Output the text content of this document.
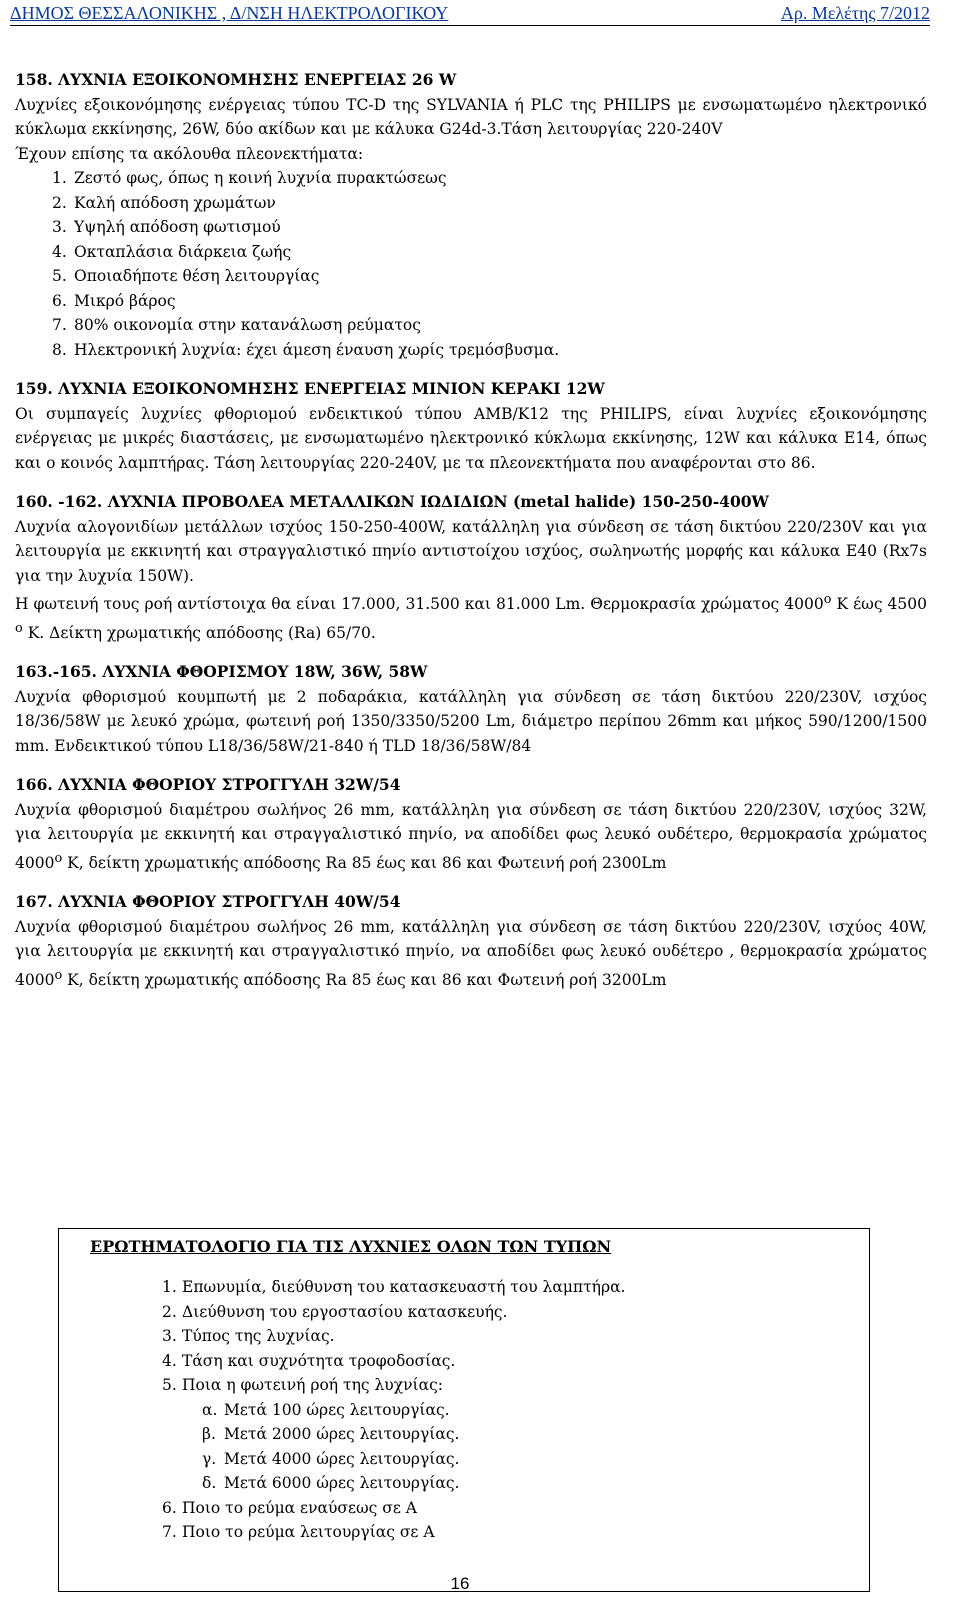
ΔΗΜΟΣ ΘΕΣΣΑΛΟΝΙΚΗΣ , Δ/ΝΣΗ ΗΛΕΚΤΡΟΛΟΓΙΚΟΥ	Αρ. Μελέτης 7/2012
158. ΛΥΧΝΙΑ ΕΞΟΙΚΟΝΟΜΗΣΗΣ ΕΝΕΡΓΕΙΑΣ 26 W

Λυχνίες εξοικονόμησης ενέργειας τύπου TC-D της SYLVANIA ή PLC της PHILIPS με ενσωματωμένο ηλεκτρονικό κύκλωμα εκκίνησης, 26W, δύο ακίδων και με κάλυκα G24d-3.Τάση λειτουργίας 220-240V

Έχουν επίσης τα ακόλουθα πλεονεκτήματα:

1. Ζεστό φως, όπως η κοινή λυχνία πυρακτώσεως
2. Καλή απόδοση χρωμάτων
3. Υψηλή απόδοση φωτισμού
4. Οκταπλάσια διάρκεια ζωής
5. Οποιαδήποτε θέση λειτουργίας
6. Μικρό βάρος
7. 80% οικονομία στην κατανάλωση ρεύματος
8. Ηλεκτρονική λυχνία: έχει άμεση έναυση χωρίς τρεμόσβυσμα.
159. ΛΥΧΝΙΑ ΕΞΟΙΚΟΝΟΜΗΣΗΣ ΕΝΕΡΓΕΙΑΣ ΜΙΝΙΟΝ ΚΕΡΑΚΙ 12W

Οι συμπαγείς λυχνίες φθοριομού ενδεικτικού τύπου AMB/K12 της PHILIPS, είναι λυχνίες εξοικονόμησης ενέργειας με μικρές διαστάσεις, με ενσωματωμένο ηλεκτρονικό κύκλωμα εκκίνησης, 12W και κάλυκα E14, όπως και ο κοινός λαμπτήρας. Τάση λειτουργίας 220-240V, με τα πλεονεκτήματα που αναφέρονται στο 86.

160. -162. ΛΥΧΝΙΑ ΠΡΟΒΟΛΕΑ ΜΕΤΑΛΛΙΚΩΝ ΙΩΔΙΔΙΩΝ (metal halide) 150-250-400W

Λυχνία αλογονιδίων μετάλλων ισχύος 150-250-400W, κατάλληλη για σύνδεση σε τάση δικτύου 220/230V και για λειτουργία με εκκινητή και στραγγαλιστικό πηνίο αντιστοίχου ισχύος, σωληνωτής μορφής και κάλυκα E40 (Rx7s για την λυχνία 150W).

Η φωτεινή τους ροή αντίστοιχα θα είναι 17.000, 31.500 και 81.000 Lm. Θερμοκρασία χρώματος $4000^o$ K έως 4500 $^o$ K. Δείκτη χρωματικής απόδοσης (Ra) 65/70.

163.-165. ΛΥΧΝΙΑ ΦΘΟΡΙΣΜΟΥ 18W, 36W, 58W

Λυχνία φθορισμού κουμπωτή με 2 ποδαράκια, κατάλληλη για σύνδεση σε τάση δικτύου 220/230V, ισχύος 18/36/58W με λευκό χρώμα, φωτεινή ροή 1350/3350/5200 Lm, διάμετρο περίπου 26mm και μήκος 590/1200/1500 mm. Ενδεικτικού τύπου L18/36/58W/21-840 ή TLD 18/36/58W/84

166. ΛΥΧΝΙΑ ΦΘΟΡΙΟΥ ΣΤΡΟΓΓΥΛΗ 32W/54

Λυχνία φθορισμού διαμέτρου σωλήνος 26 mm, κατάλληλη για σύνδεση σε τάση δικτύου 220/230V, ισχύος 32W, για λειτουργία με εκκινητή και στραγγαλιστικό πηνίο, να αποδίδει φως λευκό ουδέτερο, θερμοκρασία χρώματος $4000^o$ K, δείκτη χρωματικής απόδοσης Ra 85 έως και 86 και Φωτεινή ροή 2300Lm

167. ΛΥΧΝΙΑ ΦΘΟΡΙΟΥ ΣΤΡΟΓΓΥΛΗ 40W/54

Λυχνία φθορισμού διαμέτρου σωλήνος 26 mm, κατάλληλη για σύνδεση σε τάση δικτύου 220/230V, ισχύος 40W, για λειτουργία με εκκινητή και στραγγαλιστικό πηνίο, να αποδίδει φως λευκό ουδέτερο , θερμοκρασία χρώματος $4000^o$ K, δείκτη χρωματικής απόδοσης Ra 85 έως και 86 και Φωτεινή ροή 3200Lm

ΕΡΩΤΗΜΑΤΟΛΟΓΙΟ ΓΙΑ ΤΙΣ ΛΥΧΝΙΕΣ ΟΛΩΝ ΤΩΝ ΤΥΠΩΝ
1. Επωνυμία, διεύθυνση του κατασκευαστή του λαμπτήρα.
2. Διεύθυνση του εργοστασίου κατασκευής.
3. Τύπος της λυχνίας.
4. Τάση και συχνότητα τροφοδοσίας.
5. Ποια η φωτεινή ροή της λυχνίας:
α. Μετά 100 ώρες λειτουργίας.
β. Μετά 2000 ώρες λειτουργίας.
γ. Μετά 4000 ώρες λειτουργίας.
δ. Μετά 6000 ώρες λειτουργίας.
6. Ποιο το ρεύμα εναύσεως σε Α
7. Ποιο το ρεύμα λειτουργίας σε Α
16
